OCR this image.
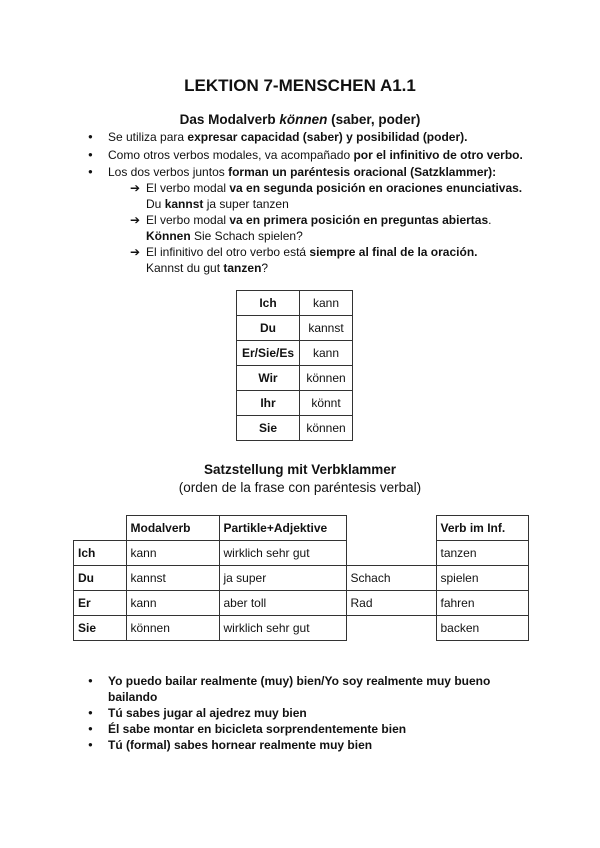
LEKTION 7-MENSCHEN A1.1
Das Modalverb können (saber, poder)
● Se utiliza para expresar capacidad (saber) y posibilidad (poder).
● Como otros verbos modales, va acompañado por el infinitivo de otro verbo.
● Los dos verbos juntos forman un paréntesis oracional (Satzklammer):
➔ El verbo modal va en segunda posición en oraciones enunciativas.
Du kannst ja super tanzen
➔ El verbo modal va en primera posición en preguntas abiertas.
Können Sie Schach spielen?
➔ El infinitivo del otro verbo está siempre al final de la oración.
Kannst du gut tanzen?
Ich	kann
Du	kannst
Er/Sie/Es	kann
Wir	können
Ihr	könnt
Sie	können
Satzstellung mit Verbklammer
(orden de la frase con paréntesis verbal)
	Modalverb	Partikle+Adjektive		Verb im Inf.
Ich	kann	wirklich sehr gut		tanzen
Du	kannst	ja super	Schach	spielen
Er	kann	aber toll	Rad	fahren
Sie	können	wirklich sehr gut		backen
● Yo puedo bailar realmente (muy) bien/Yo soy realmente muy bueno
bailando
● Tú sabes jugar al ajedrez muy bien
● Él sabe montar en bicicleta sorprendentemente bien
● Tú (formal) sabes hornear realmente muy bien
